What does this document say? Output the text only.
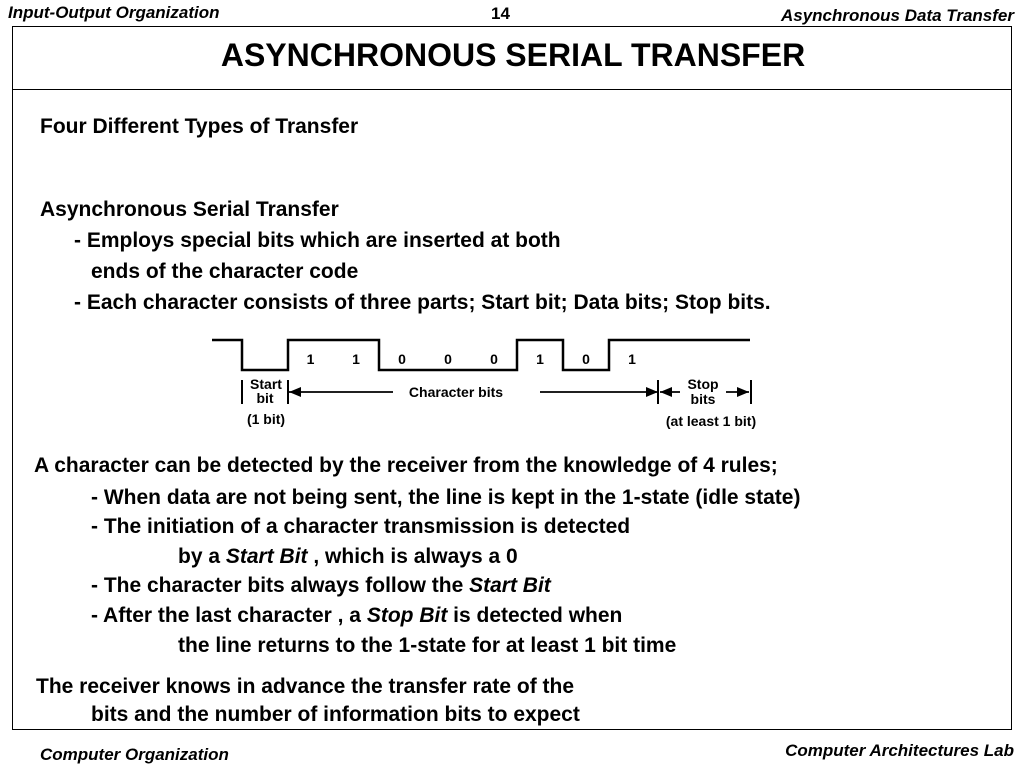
Input-Output Organization	14	Asynchronous Data Transfer
ASYNCHRONOUS SERIAL TRANSFER
Four Different Types of Transfer
Asynchronous Serial Transfer
- Employs special bits which are inserted at both
ends of the character code
- Each character consists of three parts; Start bit; Data bits; Stop bits.
1	1	0	0	0	1	0	1
Start
bit
(1 bit)
Character bits	Stop
bits
(at least 1 bit)
A character can be detected by the receiver from the knowledge of 4 rules;
- When data are not being sent, the line is kept in the 1-state (idle state)
- The initiation of a character transmission is detected
by a Start Bit , which is always a 0
- The character bits always follow the Start Bit
- After the last character , a Stop Bit is detected when
the line returns to the 1-state for at least 1 bit time
The receiver knows in advance the transfer rate of the
bits and the number of information bits to expect
Computer Organization	Computer Architectures Lab
